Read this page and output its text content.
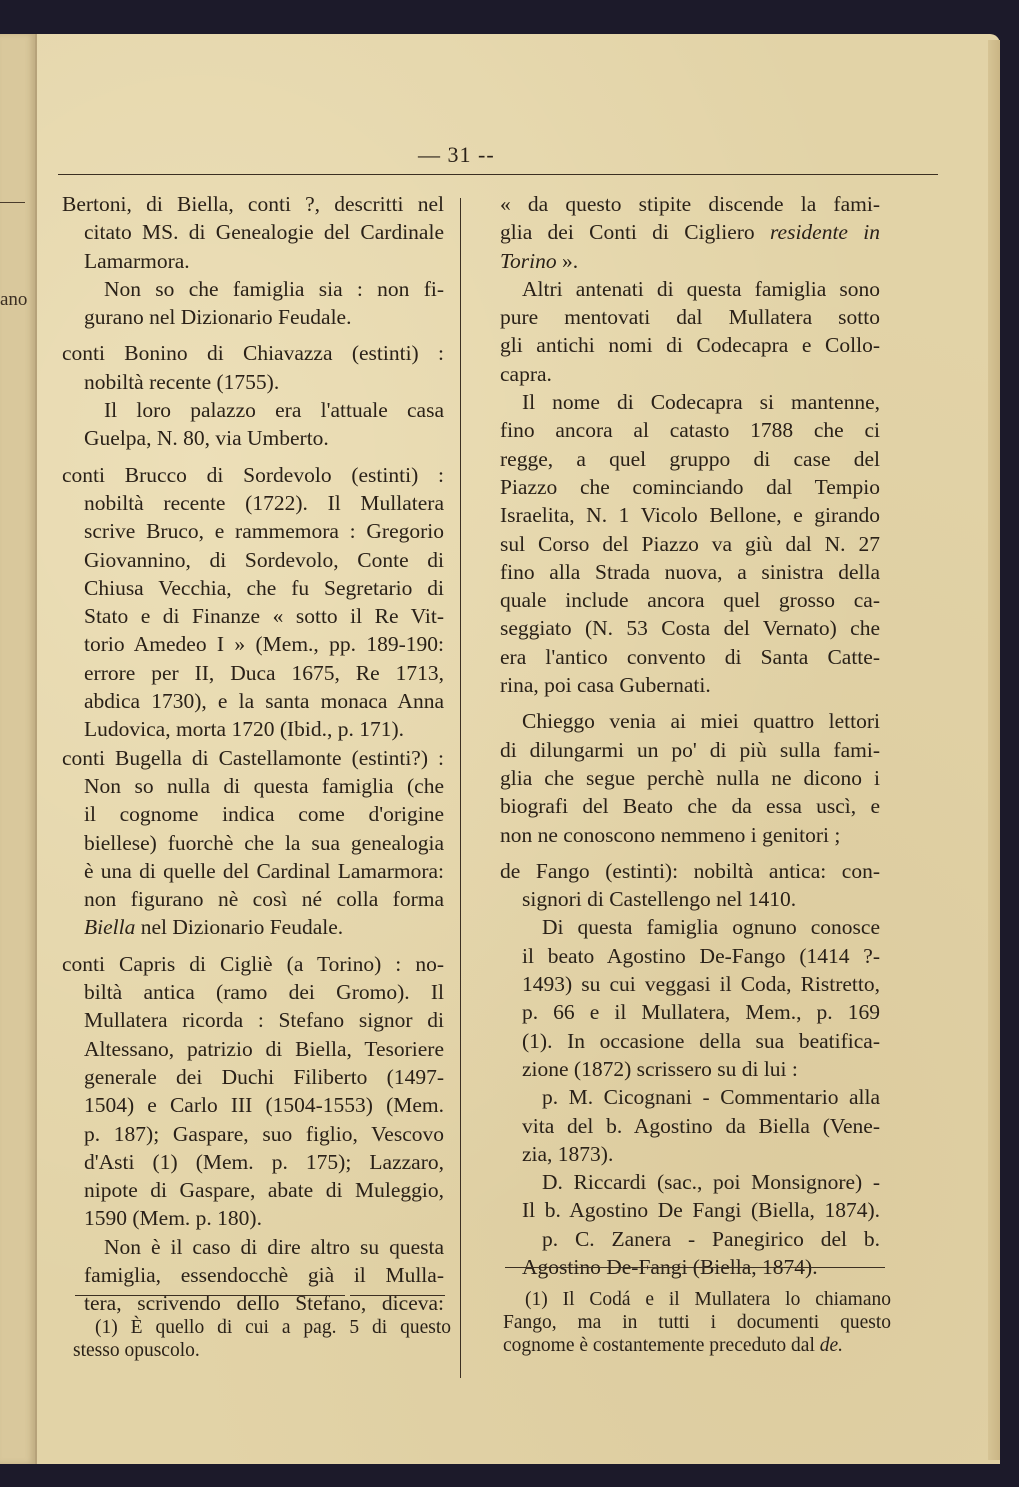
ano
— 31 --
Bertoni, di Biella, conti ?, descritti nel
citato MS. di Genealogie del Cardinale
Lamarmora.
Non so che famiglia sia : non fi-
gurano nel Dizionario Feudale.
conti Bonino di Chiavazza (estinti) :
nobiltà recente (1755).
Il loro palazzo era l'attuale casa
Guelpa, N. 80, via Umberto.
conti Brucco di Sordevolo (estinti) :
nobiltà recente (1722). Il Mullatera
scrive Bruco, e rammemora : Gregorio
Giovannino, di Sordevolo, Conte di
Chiusa Vecchia, che fu Segretario di
Stato e di Finanze « sotto il Re Vit-
torio Amedeo I » (Mem., pp. 189-190:
errore per II, Duca 1675, Re 1713,
abdica 1730), e la santa monaca Anna
Ludovica, morta 1720 (Ibid., p. 171).
conti Bugella di Castellamonte (estinti?) :
Non so nulla di questa famiglia (che
il cognome indica come d'origine
biellese) fuorchè che la sua genealogia
è una di quelle del Cardinal Lamarmora:
non figurano nè così né colla forma
Biella nel Dizionario Feudale.
conti Capris di Cigliè (a Torino) : no-
biltà antica (ramo dei Gromo). Il
Mullatera ricorda : Stefano signor di
Altessano, patrizio di Biella, Tesoriere
generale dei Duchi Filiberto (1497-
1504) e Carlo III (1504-1553) (Mem.
p. 187); Gaspare, suo figlio, Vescovo
d'Asti (1) (Mem. p. 175); Lazzaro,
nipote di Gaspare, abate di Muleggio,
1590 (Mem. p. 180).
Non è il caso di dire altro su questa
famiglia, essendocchè già il Mulla-
tera, scrivendo dello Stefano, diceva:
« da questo stipite discende la fami-
glia dei Conti di Cigliero residente in
Torino ».
Altri antenati di questa famiglia sono
pure mentovati dal Mullatera sotto
gli antichi nomi di Codecapra e Collo-
capra.
Il nome di Codecapra si mantenne,
fino ancora al catasto 1788 che ci
regge, a quel gruppo di case del
Piazzo che cominciando dal Tempio
Israelita, N. 1 Vicolo Bellone, e girando
sul Corso del Piazzo va giù dal N. 27
fino alla Strada nuova, a sinistra della
quale include ancora quel grosso ca-
seggiato (N. 53 Costa del Vernato) che
era l'antico convento di Santa Catte-
rina, poi casa Gubernati.
Chieggo venia ai miei quattro lettori
di dilungarmi un po' di più sulla fami-
glia che segue perchè nulla ne dicono i
biografi del Beato che da essa uscì, e
non ne conoscono nemmeno i genitori ;
de Fango (estinti): nobiltà antica: con-
signori di Castellengo nel 1410.
Di questa famiglia ognuno conosce
il beato Agostino De-Fango (1414 ?-
1493) su cui veggasi il Coda, Ristretto,
p. 66 e il Mullatera, Mem., p. 169
(1). In occasione della sua beatifica-
zione (1872) scrissero su di lui :
p. M. Cicognani - Commentario alla
vita del b. Agostino da Biella (Vene-
zia, 1873).
D. Riccardi (sac., poi Monsignore) -
Il b. Agostino De Fangi (Biella, 1874).
p. C. Zanera - Panegirico del b.
Agostino De-Fangi (Biella, 1874).
(1) È quello di cui a pag. 5 di questo
stesso opuscolo.
(1) Il Codá e il Mullatera lo chiamano
Fango, ma in tutti i documenti questo
cognome è costantemente preceduto dal de.
